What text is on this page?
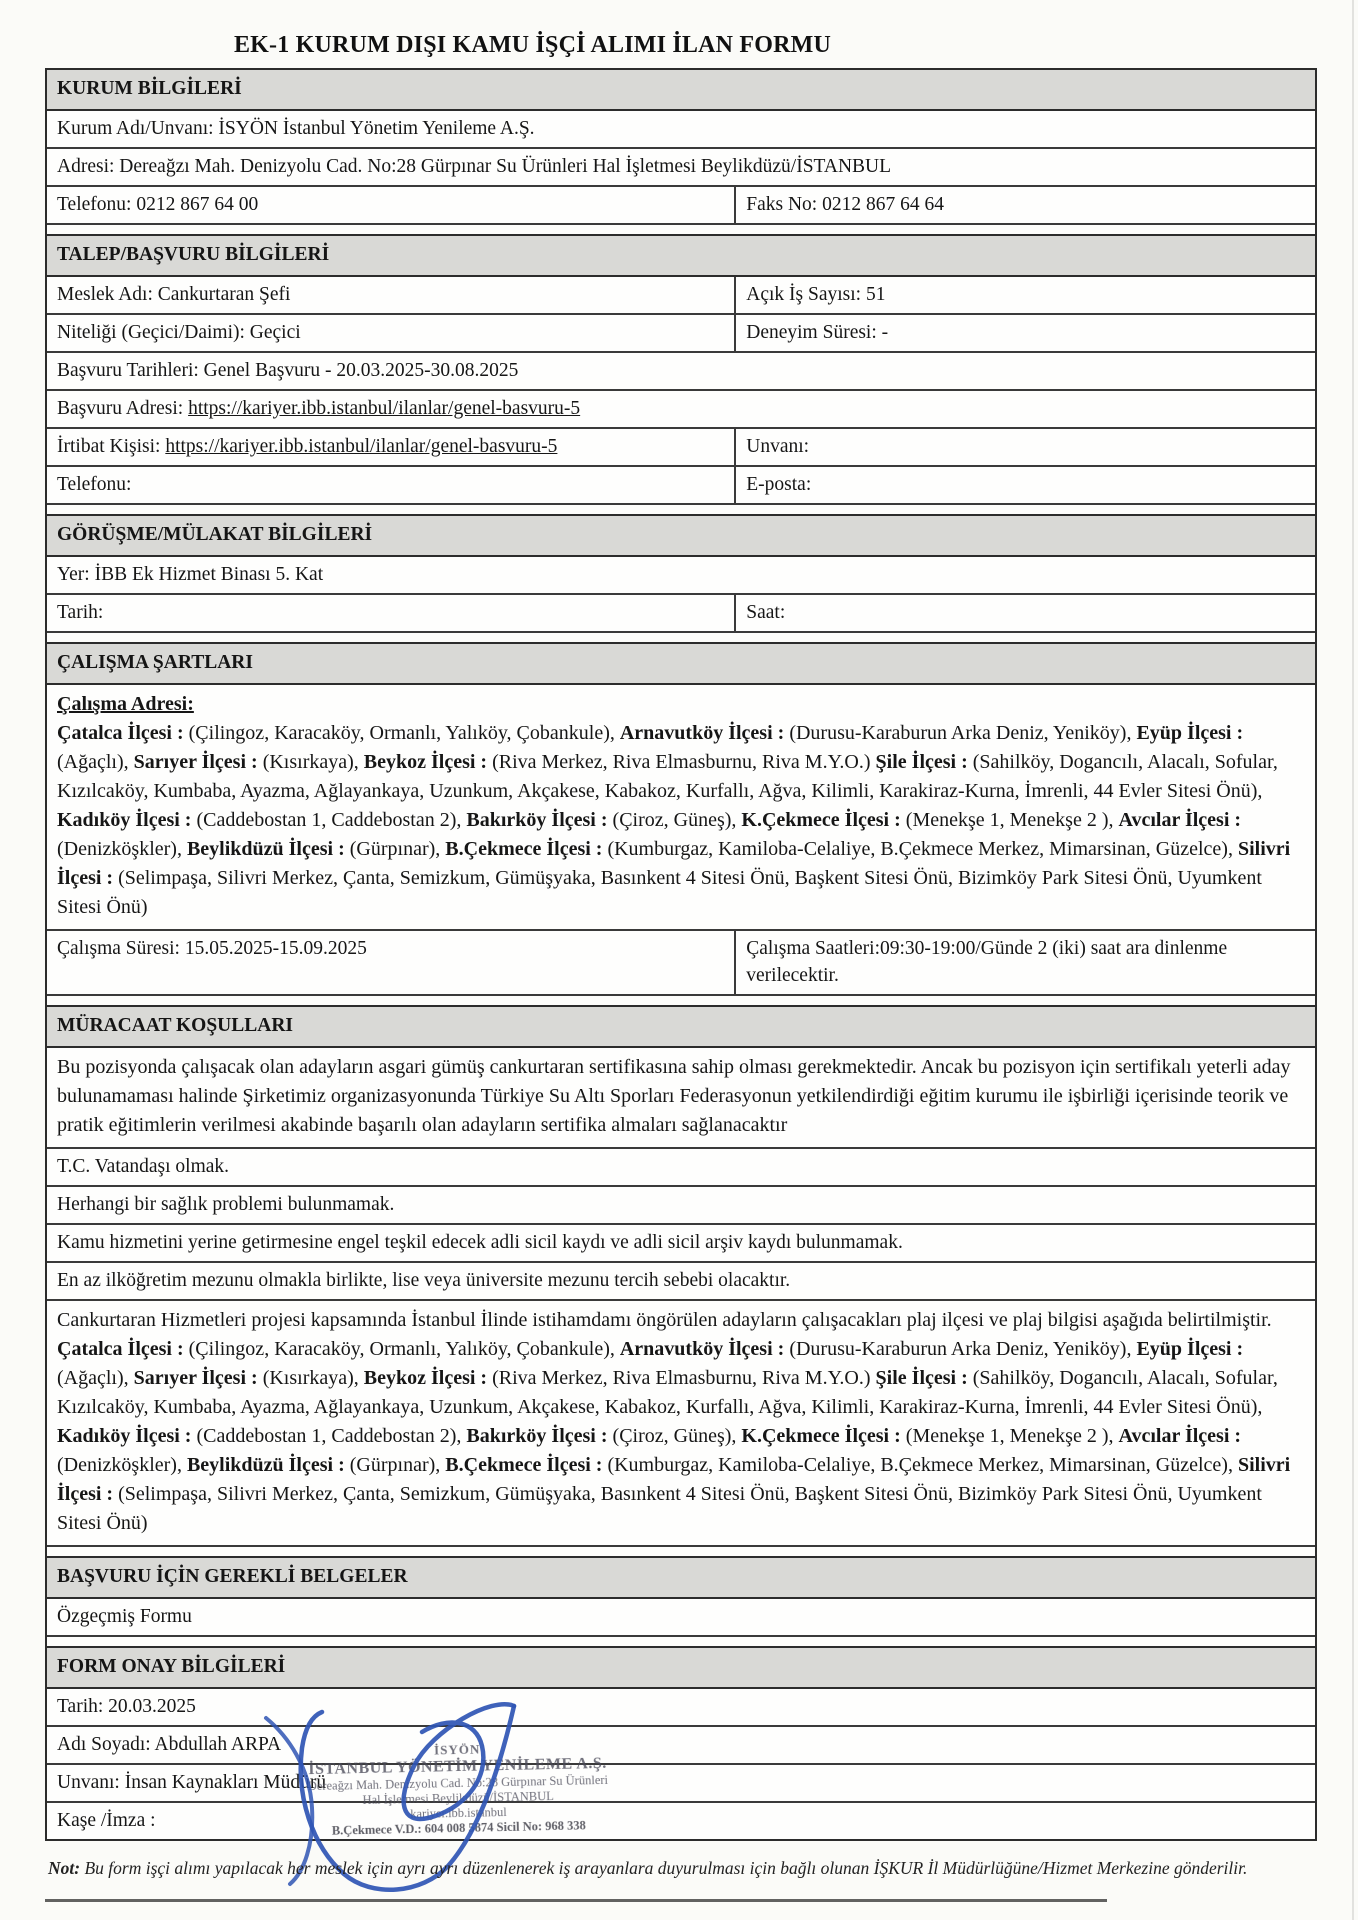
EK-1 KURUM DIŞI KAMU İŞÇİ ALIMI İLAN FORMU
KURUM BİLGİLERİ
Kurum Adı/Unvanı: İSYÖN İstanbul Yönetim Yenileme A.Ş.
Adresi: Dereağzı Mah. Denizyolu Cad. No:28 Gürpınar Su Ürünleri Hal İşletmesi Beylikdüzü/İSTANBUL
Telefonu: 0212 867 64 00	Faks No: 0212 867 64 64
TALEP/BAŞVURU BİLGİLERİ
Meslek Adı: Cankurtaran Şefi	Açık İş Sayısı: 51
Niteliği (Geçici/Daimi): Geçici	Deneyim Süresi: -
Başvuru Tarihleri: Genel Başvuru - 20.03.2025-30.08.2025
Başvuru Adresi: https://kariyer.ibb.istanbul/ilanlar/genel-basvuru-5
İrtibat Kişisi: https://kariyer.ibb.istanbul/ilanlar/genel-basvuru-5	Unvanı:
Telefonu:	E-posta:
GÖRÜŞME/MÜLAKAT BİLGİLERİ
Yer: İBB Ek Hizmet Binası 5. Kat
Tarih:	Saat:
ÇALIŞMA ŞARTLARI
Çalışma Adresi:
Çatalca İlçesi : (Çilingoz, Karacaköy, Ormanlı, Yalıköy, Çobankule), Arnavutköy İlçesi : (Durusu-Karaburun Arka Deniz, Yeniköy), Eyüp İlçesi : (Ağaçlı), Sarıyer İlçesi : (Kısırkaya), Beykoz İlçesi : (Riva Merkez, Riva Elmasburnu, Riva M.Y.O.) Şile İlçesi : (Sahilköy, Dogancılı, Alacalı, Sofular, Kızılcaköy, Kumbaba, Ayazma, Ağlayankaya, Uzunkum, Akçakese, Kabakoz, Kurfallı, Ağva, Kilimli, Karakiraz-Kurna, İmrenli, 44 Evler Sitesi Önü), Kadıköy İlçesi : (Caddebostan 1, Caddebostan 2), Bakırköy İlçesi : (Çiroz, Güneş), K.Çekmece İlçesi : (Menekşe 1, Menekşe 2 ), Avcılar İlçesi : (Denizköşkler), Beylikdüzü İlçesi : (Gürpınar), B.Çekmece İlçesi : (Kumburgaz, Kamiloba-Celaliye, B.Çekmece Merkez, Mimarsinan, Güzelce), Silivri İlçesi : (Selimpaşa, Silivri Merkez, Çanta, Semizkum, Gümüşyaka, Basınkent 4 Sitesi Önü, Başkent Sitesi Önü, Bizimköy Park Sitesi Önü, Uyumkent Sitesi Önü)
Çalışma Süresi: 15.05.2025-15.09.2025	Çalışma Saatleri:09:30-19:00/Günde 2 (iki) saat ara dinlenme verilecektir.
MÜRACAAT KOŞULLARI
Bu pozisyonda çalışacak olan adayların asgari gümüş cankurtaran sertifikasına sahip olması gerekmektedir. Ancak bu pozisyon için sertifikalı yeterli aday bulunamaması halinde Şirketimiz organizasyonunda Türkiye Su Altı Sporları Federasyonun yetkilendirdiği eğitim kurumu ile işbirliği içerisinde teorik ve pratik eğitimlerin verilmesi akabinde başarılı olan adayların sertifika almaları sağlanacaktır
T.C. Vatandaşı olmak.
Herhangi bir sağlık problemi bulunmamak.
Kamu hizmetini yerine getirmesine engel teşkil edecek adli sicil kaydı ve adli sicil arşiv kaydı bulunmamak.
En az ilköğretim mezunu olmakla birlikte, lise veya üniversite mezunu tercih sebebi olacaktır.
Cankurtaran Hizmetleri projesi kapsamında İstanbul İlinde istihamdamı öngörülen adayların çalışacakları plaj ilçesi ve plaj bilgisi aşağıda belirtilmiştir.
Çatalca İlçesi : (Çilingoz, Karacaköy, Ormanlı, Yalıköy, Çobankule), Arnavutköy İlçesi : (Durusu-Karaburun Arka Deniz, Yeniköy), Eyüp İlçesi : (Ağaçlı), Sarıyer İlçesi : (Kısırkaya), Beykoz İlçesi : (Riva Merkez, Riva Elmasburnu, Riva M.Y.O.) Şile İlçesi : (Sahilköy, Dogancılı, Alacalı, Sofular, Kızılcaköy, Kumbaba, Ayazma, Ağlayankaya, Uzunkum, Akçakese, Kabakoz, Kurfallı, Ağva, Kilimli, Karakiraz-Kurna, İmrenli, 44 Evler Sitesi Önü), Kadıköy İlçesi : (Caddebostan 1, Caddebostan 2), Bakırköy İlçesi : (Çiroz, Güneş), K.Çekmece İlçesi : (Menekşe 1, Menekşe 2 ), Avcılar İlçesi : (Denizköşkler), Beylikdüzü İlçesi : (Gürpınar), B.Çekmece İlçesi : (Kumburgaz, Kamiloba-Celaliye, B.Çekmece Merkez, Mimarsinan, Güzelce), Silivri İlçesi : (Selimpaşa, Silivri Merkez, Çanta, Semizkum, Gümüşyaka, Basınkent 4 Sitesi Önü, Başkent Sitesi Önü, Bizimköy Park Sitesi Önü, Uyumkent Sitesi Önü)
BAŞVURU İÇİN GEREKLİ BELGELER
Özgeçmiş Formu
FORM ONAY BİLGİLERİ
Tarih: 20.03.2025
Adı Soyadı: Abdullah ARPA
Unvanı: İnsan Kaynakları Müdürü
Kaşe /İmza :
İSYÖN
İSTANBUL YÖNETİM YENİLEME A.Ş.
Dereağzı Mah. Denizyolu Cad. No:28 Gürpınar Su Ürünleri
Hal İşletmesi Beylikdüzü/İSTANBUL
kariyer.ibb.istanbul
B.Çekmece V.D.: 604 008 5874 Sicil No: 968 338
Not: Bu form işçi alımı yapılacak her meslek için ayrı ayrı düzenlenerek iş arayanlara duyurulması için bağlı olunan İŞKUR İl Müdürlüğüne/Hizmet Merkezine gönderilir.
